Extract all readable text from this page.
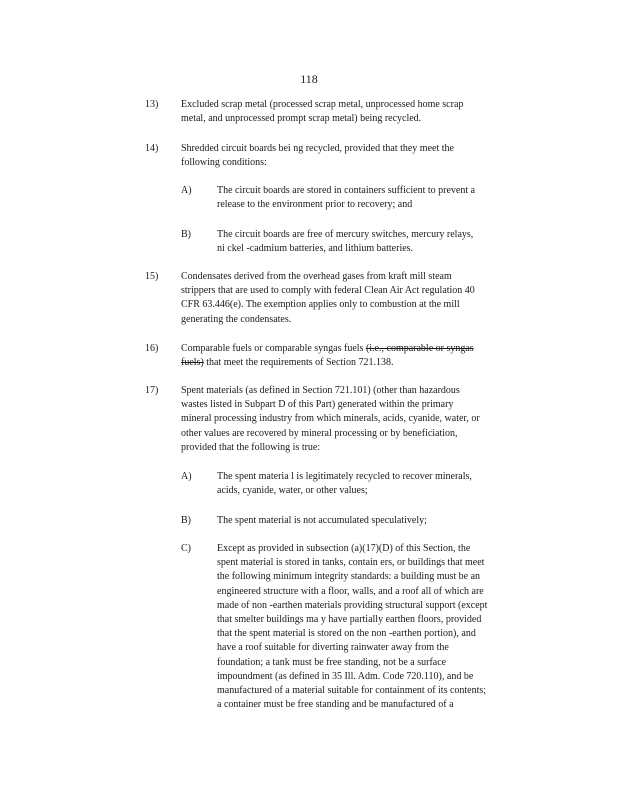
118
13) Excluded scrap metal (processed scrap metal, unprocessed home scrap
metal, and unprocessed prompt scrap metal) being recycled.
14) Shredded circuit boards bei ng recycled, provided that they meet the
following conditions:
A)	The circuit boards are stored in containers sufficient to prevent a
release to the environment prior to recovery; and
B)	The circuit boards are free of mercury switches, mercury relays,
ni ckel -cadmium batteries, and lithium batteries.
15) Condensates derived from the overhead gases from kraft mill steam
strippers that are used to comply with federal Clean Air Act regulation 40
CFR 63.446(e). The exemption applies only to combustion at the mill
generating the condensates.
16) Comparable fuels or comparable syngas fuels (i.e., comparable or syngas
fuels) that meet the requirements of Section 721.138.
17) Spent materials (as defined in Section 721.101) (other than hazardous
wastes listed in Subpart D of this Part) generated within the primary
mineral processing industry from which minerals, acids, cyanide, water, or
other values are recovered by mineral processing or by beneficiation,
provided that the following is true:
A)	The spent materia l is legitimately recycled to recover minerals,
acids, cyanide, water, or other values;
B)	The spent material is not accumulated speculatively;
C)	Except as provided in subsection (a)(17)(D) of this Section, the
spent material is stored in tanks, contain ers, or buildings that meet
the following minimum integrity standards: a building must be an
engineered structure with a floor, walls, and a roof all of which are
made of non -earthen materials providing structural support (except
that smelter buildings ma y have partially earthen floors, provided
that the spent material is stored on the non -earthen portion), and
have a roof suitable for diverting rainwater away from the
foundation; a tank must be free standing, not be a surface
impoundment (as defined in 35 Ill. Adm. Code 720.110), and be
manufactured of a material suitable for containment of its contents;
a container must be free standing and be manufactured of a
